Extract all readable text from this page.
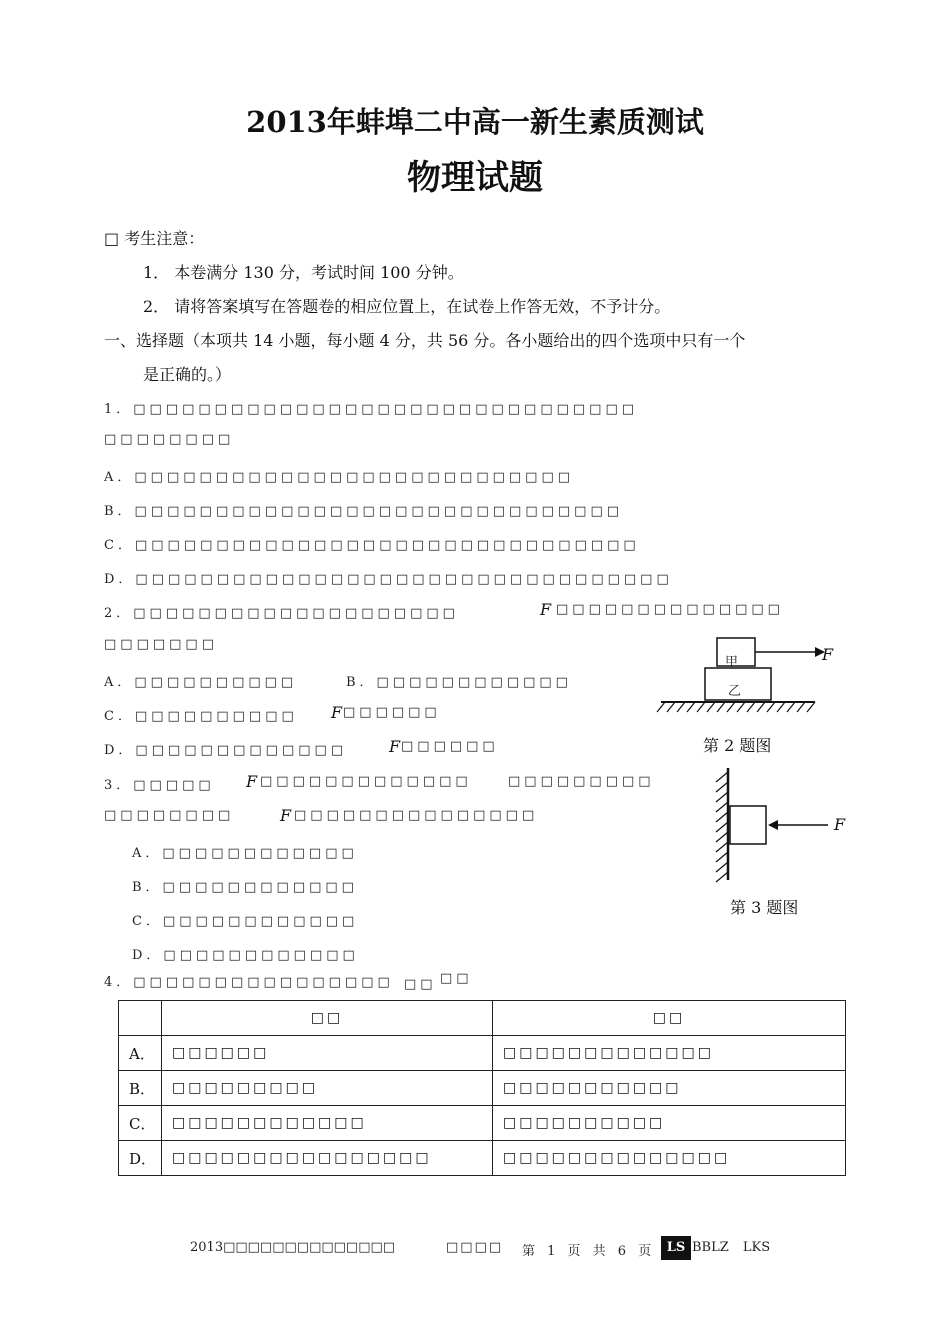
2013年蚌埠二中高一新生素质测试
物理试题
□ 考生注意：
1． 本卷满分 130 分，考试时间 100 分钟。
2． 请将答案填写在答题卷的相应位置上，在试卷上作答无效，不予计分。
一、选择题（本项共 14 小题，每小题 4 分，共 56 分。各小题给出的四个选项中只有一个
是正确的。）
1．□□□□□□□□□□□□□□□□□□□□□□□□□□□□□□□
□□□□□□□□
A．□□□□□□□□□□□□□□□□□□□□□□□□□□□
B．□□□□□□□□□□□□□□□□□□□□□□□□□□□□□□
C．□□□□□□□□□□□□□□□□□□□□□□□□□□□□□□□
D．□□□□□□□□□□□□□□□□□□□□□□□□□□□□□□□□□
2．□□□□□□□□□□□□□□□□□□□□	F □□□□□□□□□□□□□□
□□□□□□□
A．□□□□□□□□□□	B．□□□□□□□□□□□□
C．□□□□□□□□□□ F □□□□□□
D．□□□□□□□□□□□□□	F □□□□□□
甲
乙
F
第 2 题图
3．□□□□□ F □□□□□□□□□□□□□	□□□□□□□□□
□□□□□□□□	F □□□□□□□□□□□□□□□
A．□□□□□□□□□□□□
B．□□□□□□□□□□□□
C．□□□□□□□□□□□□
D．□□□□□□□□□□□□
F
第 3 题图
4．□□□□□□□□□□□□□□□□ □□ □□
	□□	□□
A．	□□□□□□	□□□□□□□□□□□□□
B．	□□□□□□□□□	□□□□□□□□□□□
C．	□□□□□□□□□□□□	□□□□□□□□□□
D．	□□□□□□□□□□□□□□□□	□□□□□□□□□□□□□□
2013□□□□□□□□□□□□□□	□□□□ 第 1 页 共 6 页	LS BBLZ LKS
